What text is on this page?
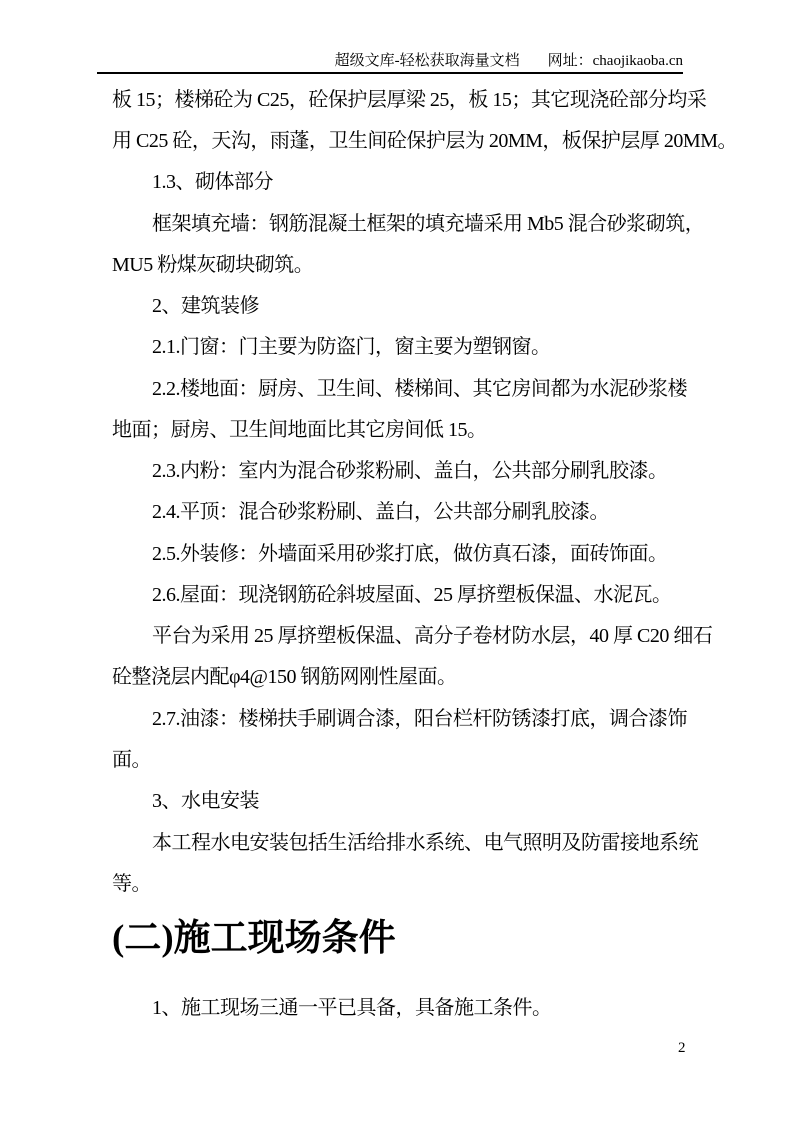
超级文库-轻松获取海量文档 网址：chaojikaoba.cn
板 15；楼梯砼为 C25，砼保护层厚梁 25，板 15；其它现浇砼部分均采
用 C25 砼，天沟，雨蓬，卫生间砼保护层为 20MM，板保护层厚 20MM。
1.3、砌体部分
框架填充墙：钢筋混凝土框架的填充墙采用 Mb5 混合砂浆砌筑，
MU5 粉煤灰砌块砌筑。
2、建筑装修
2.1.门窗：门主要为防盗门，窗主要为塑钢窗。
2.2.楼地面：厨房、卫生间、楼梯间、其它房间都为水泥砂浆楼
地面；厨房、卫生间地面比其它房间低 15。
2.3.内粉：室内为混合砂浆粉刷、盖白，公共部分刷乳胶漆。
2.4.平顶：混合砂浆粉刷、盖白，公共部分刷乳胶漆。
2.5.外装修：外墙面采用砂浆打底，做仿真石漆，面砖饰面。
2.6.屋面：现浇钢筋砼斜坡屋面、25 厚挤塑板保温、水泥瓦。
平台为采用 25 厚挤塑板保温、高分子卷材防水层，40 厚 C20 细石
砼整浇层内配φ4@150 钢筋网刚性屋面。
2.7.油漆：楼梯扶手刷调合漆，阳台栏杆防锈漆打底，调合漆饰
面。
3、水电安装
本工程水电安装包括生活给排水系统、电气照明及防雷接地系统
等。
(二)施工现场条件
1、施工现场三通一平已具备，具备施工条件。
2
